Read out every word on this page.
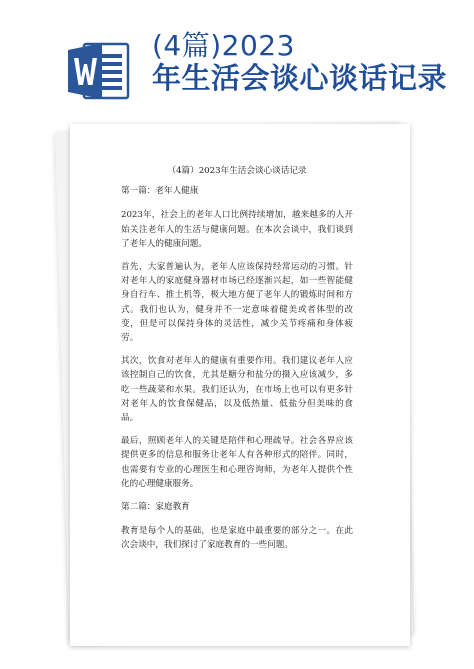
(4篇)2023
年生活会谈心谈话记录

（4篇）2023年生活会谈心谈话记录

第一篇：老年人健康

2023年，社会上的老年人口比例持续增加，越来越多的人开始关注老年人的生活与健康问题。在本次会谈中，我们谈到了老年人的健康问题。

首先，大家普遍认为，老年人应该保持经常运动的习惯。针对老年人的家庭健身器材市场已经逐渐兴起，如一些智能健身自行车、推土机等，极大地方便了老年人的锻炼时间和方式。我们也认为，健身并不一定意味着健美或者体型的改变，但是可以保持身体的灵活性，减少关节疼痛和身体疲劳。

其次，饮食对老年人的健康有重要作用。我们建议老年人应该控制自己的饮食，尤其是糖分和盐分的摄入应该减少，多吃一些蔬菜和水果。我们还认为，在市场上也可以有更多针对老年人的饮食保健品，以及低热量、低盐分但美味的食品。

最后，照顾老年人的关键是陪伴和心理疏导。社会各界应该提供更多的信息和服务让老年人有各种形式的陪伴。同时，也需要有专业的心理医生和心理咨询师，为老年人提供个性化的心理健康服务。

第二篇：家庭教育

教育是每个人的基础，也是家庭中最重要的部分之一。在此次会谈中，我们探讨了家庭教育的一些问题。
